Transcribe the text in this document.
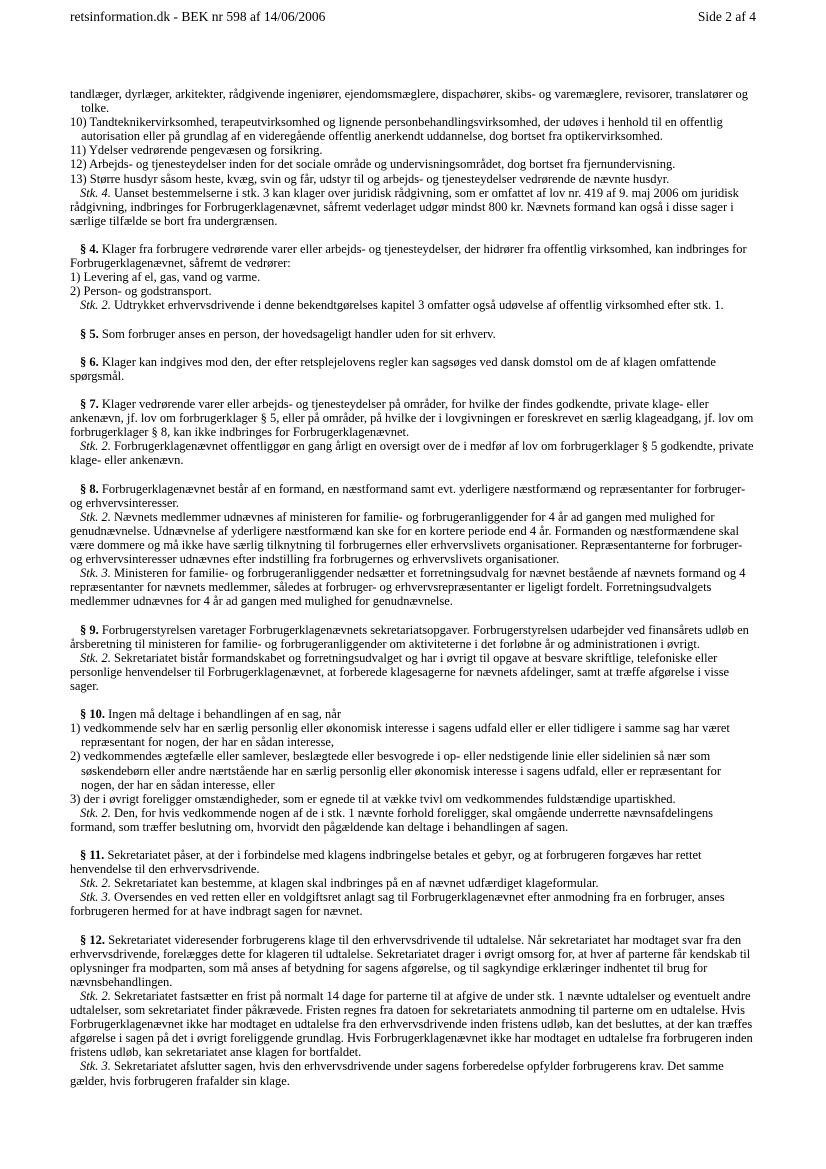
retsinformation.dk - BEK nr 598 af 14/06/2006	Side 2 af 4

tandlæger, dyrlæger, arkitekter, rådgivende ingeniører, ejendomsmæglere, dispachører, skibs- og varemæglere, revisorer, translatører og tolke.

10) Tandteknikervirksomhed, terapeutvirksomhed og lignende personbehandlingsvirksomhed, der udøves i henhold til en offentlig autorisation eller på grundlag af en videregående offentlig anerkendt uddannelse, dog bortset fra optikervirksomhed.

11) Ydelser vedrørende pengevæsen og forsikring.

12) Arbejds- og tjenesteydelser inden for det sociale område og undervisningsområdet, dog bortset fra fjernundervisning.

13) Større husdyr såsom heste, kvæg, svin og får, udstyr til og arbejds- og tjenesteydelser vedrørende de nævnte husdyr.

Stk. 4. Uanset bestemmelserne i stk. 3 kan klager over juridisk rådgivning, som er omfattet af lov nr. 419 af 9. maj 2006 om juridisk rådgivning, indbringes for Forbrugerklagenævnet, såfremt vederlaget udgør mindst 800 kr. Nævnets formand kan også i disse sager i særlige tilfælde se bort fra undergrænsen.

§ 4. Klager fra forbrugere vedrørende varer eller arbejds- og tjenesteydelser, der hidrører fra offentlig virksomhed, kan indbringes for Forbrugerklagenævnet, såfremt de vedrører:

1) Levering af el, gas, vand og varme.

2) Person- og godstransport.

Stk. 2. Udtrykket erhvervsdrivende i denne bekendtgørelses kapitel 3 omfatter også udøvelse af offentlig virksomhed efter stk. 1.

§ 5. Som forbruger anses en person, der hovedsageligt handler uden for sit erhverv.

§ 6. Klager kan indgives mod den, der efter retsplejelovens regler kan sagsøges ved dansk domstol om de af klagen omfattende spørgsmål.

§ 7. Klager vedrørende varer eller arbejds- og tjenesteydelser på områder, for hvilke der findes godkendte, private klage- eller ankenævn, jf. lov om forbrugerklager § 5, eller på områder, på hvilke der i lovgivningen er foreskrevet en særlig klageadgang, jf. lov om forbrugerklager § 8, kan ikke indbringes for Forbrugerklagenævnet.

Stk. 2. Forbrugerklagenævnet offentliggør en gang årligt en oversigt over de i medfør af lov om forbrugerklager § 5 godkendte, private klage- eller ankenævn.

§ 8. Forbrugerklagenævnet består af en formand, en næstformand samt evt. yderligere næstformænd og repræsentanter for forbruger- og erhvervsinteresser.

Stk. 2. Nævnets medlemmer udnævnes af ministeren for familie- og forbrugeranliggender for 4 år ad gangen med mulighed for genudnævnelse. Udnævnelse af yderligere næstformænd kan ske for en kortere periode end 4 år. Formanden og næstformændene skal være dommere og må ikke have særlig tilknytning til forbrugernes eller erhvervslivets organisationer. Repræsentanterne for forbruger- og erhvervsinteresser udnævnes efter indstilling fra forbrugernes og erhvervslivets organisationer.

Stk. 3. Ministeren for familie- og forbrugeranliggender nedsætter et forretningsudvalg for nævnet bestående af nævnets formand og 4 repræsentanter for nævnets medlemmer, således at forbruger- og erhvervsrepræsentanter er ligeligt fordelt. Forretningsudvalgets medlemmer udnævnes for 4 år ad gangen med mulighed for genudnævnelse.

§ 9. Forbrugerstyrelsen varetager Forbrugerklagenævnets sekretariatsopgaver. Forbrugerstyrelsen udarbejder ved finansårets udløb en årsberetning til ministeren for familie- og forbrugeranliggender om aktiviteterne i det forløbne år og administrationen i øvrigt.

Stk. 2. Sekretariatet bistår formandskabet og forretningsudvalget og har i øvrigt til opgave at besvare skriftlige, telefoniske eller personlige henvendelser til Forbrugerklagenævnet, at forberede klagesagerne for nævnets afdelinger, samt at træffe afgørelse i visse sager.

§ 10. Ingen må deltage i behandlingen af en sag, når

1) vedkommende selv har en særlig personlig eller økonomisk interesse i sagens udfald eller er eller tidligere i samme sag har været repræsentant for nogen, der har en sådan interesse,

2) vedkommendes ægtefælle eller samlever, beslægtede eller besvogrede i op- eller nedstigende linie eller sidelinien så nær som søskendebørn eller andre nærtstående har en særlig personlig eller økonomisk interesse i sagens udfald, eller er repræsentant for nogen, der har en sådan interesse, eller

3) der i øvrigt foreligger omstændigheder, som er egnede til at vække tvivl om vedkommendes fuldstændige upartiskhed.

Stk. 2. Den, for hvis vedkommende nogen af de i stk. 1 nævnte forhold foreligger, skal omgående underrette nævnsafdelingens formand, som træffer beslutning om, hvorvidt den pågældende kan deltage i behandlingen af sagen.

§ 11. Sekretariatet påser, at der i forbindelse med klagens indbringelse betales et gebyr, og at forbrugeren forgæves har rettet henvendelse til den erhvervsdrivende.

Stk. 2. Sekretariatet kan bestemme, at klagen skal indbringes på en af nævnet udfærdiget klageformular.

Stk. 3. Oversendes en ved retten eller en voldgiftsret anlagt sag til Forbrugerklagenævnet efter anmodning fra en forbruger, anses forbrugeren hermed for at have indbragt sagen for nævnet.

§ 12. Sekretariatet videresender forbrugerens klage til den erhvervsdrivende til udtalelse. Når sekretariatet har modtaget svar fra den erhvervsdrivende, forelægges dette for klageren til udtalelse. Sekretariatet drager i øvrigt omsorg for, at hver af parterne får kendskab til oplysninger fra modparten, som må anses af betydning for sagens afgørelse, og til sagkyndige erklæringer indhentet til brug for nævnsbehandlingen.

Stk. 2. Sekretariatet fastsætter en frist på normalt 14 dage for parterne til at afgive de under stk. 1 nævnte udtalelser og eventuelt andre udtalelser, som sekretariatet finder påkrævede. Fristen regnes fra datoen for sekretariatets anmodning til parterne om en udtalelse. Hvis Forbrugerklagenævnet ikke har modtaget en udtalelse fra den erhvervsdrivende inden fristens udløb, kan det besluttes, at der kan træffes afgørelse i sagen på det i øvrigt foreliggende grundlag. Hvis Forbrugerklagenævnet ikke har modtaget en udtalelse fra forbrugeren inden fristens udløb, kan sekretariatet anse klagen for bortfaldet.

Stk. 3. Sekretariatet afslutter sagen, hvis den erhvervsdrivende under sagens forberedelse opfylder forbrugerens krav. Det samme gælder, hvis forbrugeren frafalder sin klage.
